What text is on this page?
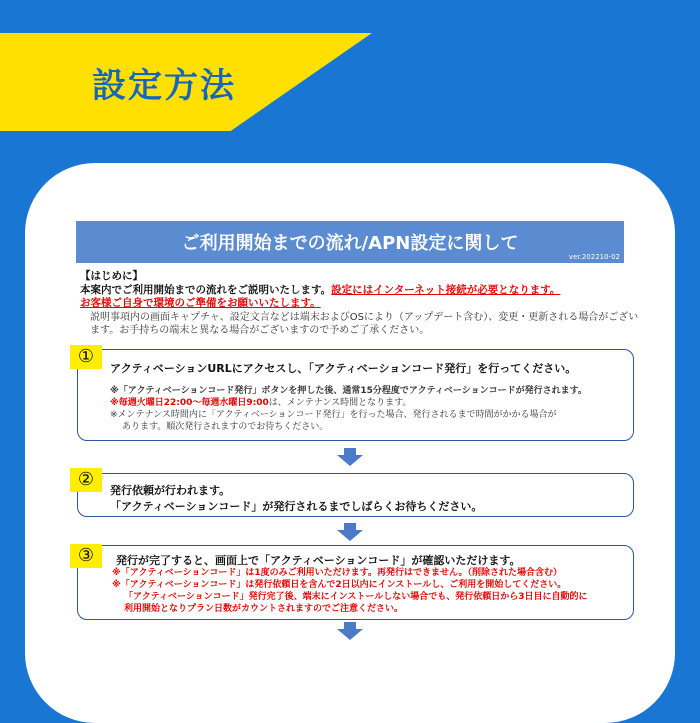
設定方法
ご利用開始までの流れ/APN設定に関して
ver.202210-02
【はじめに】
本案内でご利用開始までの流れをご説明いたします。設定にはインターネット接続が必要となります。
お客様ご自身で環境のご準備をお願いいたします。
説明事項内の画面キャプチャ、設定文言などは端末およびOSにより（アップデート含む）、変更・更新される場合がございます。お手持ちの端末と異なる場合がございますので予めご了承ください。
①
アクティベーションURLにアクセスし、「アクティベーションコード発行」を行ってください。
※「アクティベーションコード発行」ボタンを押した後、通常15分程度でアクティベーションコードが発行されます。
※毎週火曜日22:00～毎週水曜日9:00は、メンテナンス時間となります。
※メンテナンス時間内に「アクティベーションコード発行」を行った場合、発行されるまで時間がかかる場合が
あります。順次発行されますのでお待ちください。
②
発行依頼が行われます。
「アクティベーションコード」が発行されるまでしばらくお待ちください。
③	発行が完了すると、画面上で「アクティベーションコード」が確認いただけます。
※「アクティベーションコード」は1度のみご利用いただけます。再発行はできません。（削除された場合含む）
※「アクティベーションコード」は発行依頼日を含んで2日以内にインストールし、ご利用を開始してください。
「アクティベーションコード」発行完了後、端末にインストールしない場合でも、発行依頼日から3日目に自動的に
利用開始となりプラン日数がカウントされますのでご注意ください。
